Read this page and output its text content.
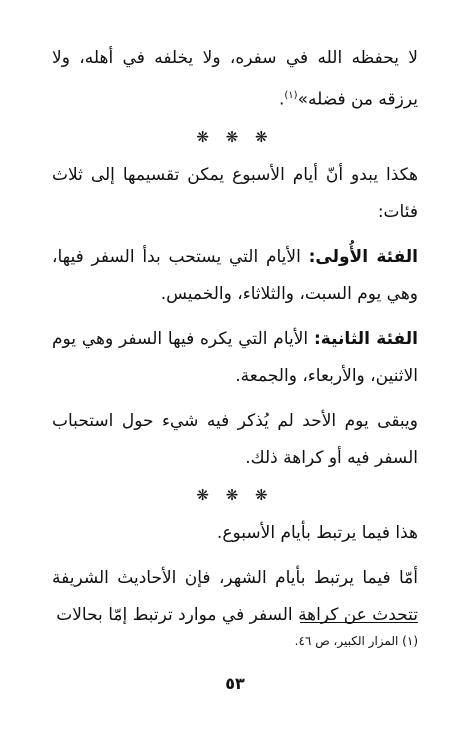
لا يحفظه الله في سفره، ولا يخلفه في أهله، ولا يرزقه من فضله»$^{(١)}$.

❋ ❋ ❋

هكذا يبدو أنّ أيام الأسبوع يمكن تقسيمها إلى ثلاث فئات:

الفئة الأُولى: الأيام التي يستحب بدأ السفر فيها، وهي يوم السبت، والثلاثاء، والخميس.

الفئة الثانية: الأيام التي يكره فيها السفر وهي يوم الاثنين، والأربعاء، والجمعة.

ويبقى يوم الأحد لم يُذكر فيه شيء حول استحباب السفر فيه أو كراهة ذلك.

❋ ❋ ❋

هذا فيما يرتبط بأيام الأسبوع.

أمّا فيما يرتبط بأيام الشهر، فإن الأحاديث الشريفة تتحدث عن كراهة السفر في موارد ترتبط إمّا بحالات

(١) المزار الكبير، ص ٤٦.

٥٣
